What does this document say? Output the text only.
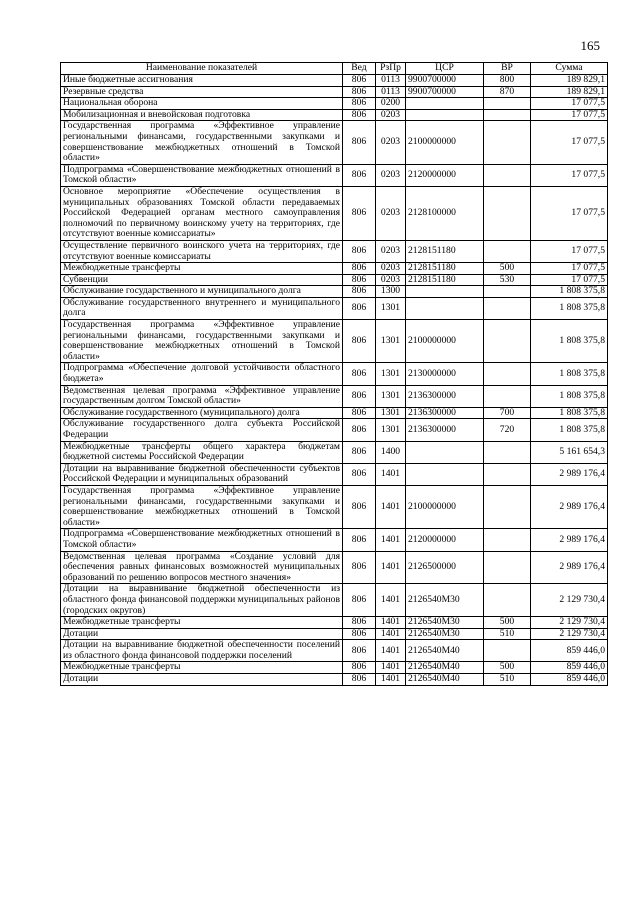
165
Наименование показателей	Вед	РзПр	ЦСР	ВР	Сумма
Иные бюджетные ассигнования	806	0113	9900700000	800	189 829,1
Резервные средства	806	0113	9900700000	870	189 829,1
Национальная оборона	806	0200			17 077,5
Мобилизационная и вневойсковая подготовка	806	0203			17 077,5
Государственная программа «Эффективное управление региональными финансами, государственными закупками и совершенствование межбюджетных отношений в Томской области»	806	0203	2100000000		17 077,5
Подпрограмма «Совершенствование межбюджетных отношений в Томской области»	806	0203	2120000000		17 077,5
Основное мероприятие «Обеспечение осуществления в муниципальных образованиях Томской области передаваемых Российской Федерацией органам местного самоуправления полномочий по первичному воинскому учету на территориях, где отсутствуют военные комиссариаты»	806	0203	2128100000		17 077,5
Осуществление первичного воинского учета на территориях, где отсутствуют военные комиссариаты	806	0203	2128151180		17 077,5
Межбюджетные трансферты	806	0203	2128151180	500	17 077,5
Субвенции	806	0203	2128151180	530	17 077,5
Обслуживание государственного и муниципального долга	806	1300			1 808 375,8
Обслуживание государственного внутреннего и муниципального долга	806	1301			1 808 375,8
Государственная программа «Эффективное управление региональными финансами, государственными закупками и совершенствование межбюджетных отношений в Томской области»	806	1301	2100000000		1 808 375,8
Подпрограмма «Обеспечение долговой устойчивости областного бюджета»	806	1301	2130000000		1 808 375,8
Ведомственная целевая программа «Эффективное управление государственным долгом Томской области»	806	1301	2136300000		1 808 375,8
Обслуживание государственного (муниципального) долга	806	1301	2136300000	700	1 808 375,8
Обслуживание государственного долга субъекта Российской Федерации	806	1301	2136300000	720	1 808 375,8
Межбюджетные трансферты общего характера бюджетам бюджетной системы Российской Федерации	806	1400			5 161 654,3
Дотации на выравнивание бюджетной обеспеченности субъектов Российской Федерации и муниципальных образований	806	1401			2 989 176,4
Государственная программа «Эффективное управление региональными финансами, государственными закупками и совершенствование межбюджетных отношений в Томской области»	806	1401	2100000000		2 989 176,4
Подпрограмма «Совершенствование межбюджетных отношений в Томской области»	806	1401	2120000000		2 989 176,4
Ведомственная целевая программа «Создание условий для обеспечения равных финансовых возможностей муниципальных образований по решению вопросов местного значения»	806	1401	2126500000		2 989 176,4
Дотации на выравнивание бюджетной обеспеченности из областного фонда финансовой поддержки муниципальных районов (городских округов)	806	1401	2126540М30		2 129 730,4
Межбюджетные трансферты	806	1401	2126540М30	500	2 129 730,4
Дотации	806	1401	2126540М30	510	2 129 730,4
Дотации на выравнивание бюджетной обеспеченности поселений из областного фонда финансовой поддержки поселений	806	1401	2126540М40		859 446,0
Межбюджетные трансферты	806	1401	2126540М40	500	859 446,0
Дотации	806	1401	2126540М40	510	859 446,0
